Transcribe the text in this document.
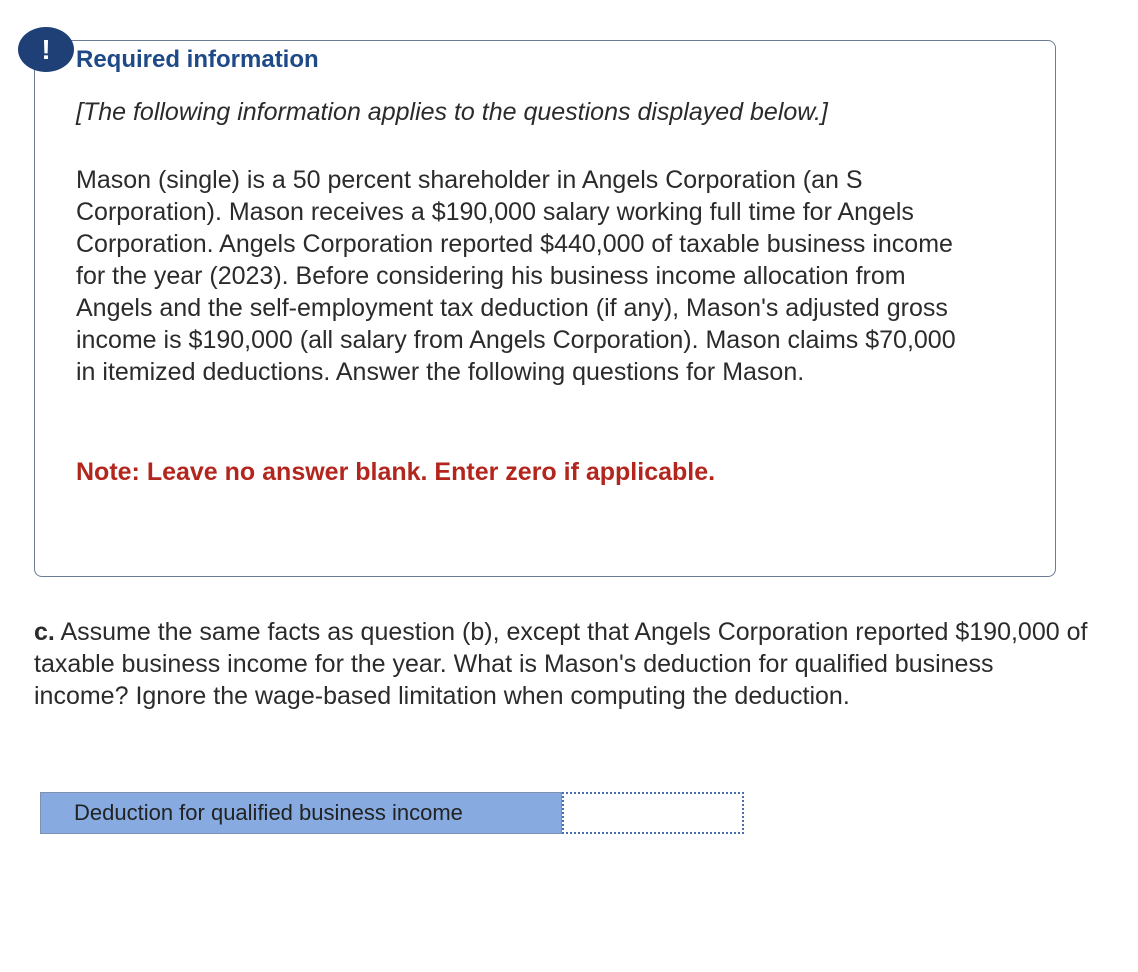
!	Required information

[The following information applies to the questions displayed below.]

Mason (single) is a 50 percent shareholder in Angels Corporation (an S Corporation). Mason receives a $190,000 salary working full time for Angels Corporation. Angels Corporation reported $440,000 of taxable business income for the year (2023). Before considering his business income allocation from Angels and the self-employment tax deduction (if any), Mason's adjusted gross income is $190,000 (all salary from Angels Corporation). Mason claims $70,000 in itemized deductions. Answer the following questions for Mason.

Note: Leave no answer blank. Enter zero if applicable.

c. Assume the same facts as question (b), except that Angels Corporation reported $190,000 of taxable business income for the year. What is Mason's deduction for qualified business income? Ignore the wage-based limitation when computing the deduction.

Deduction for qualified business income
